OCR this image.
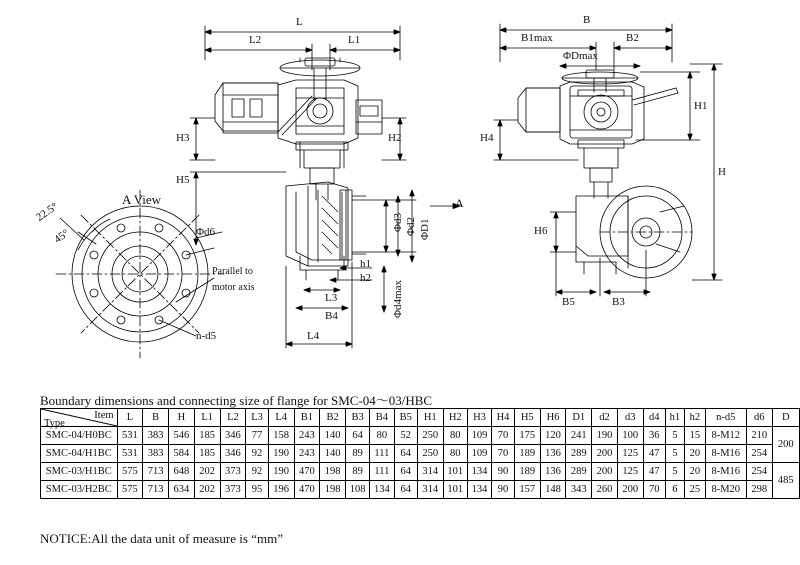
L
L2	L1
H3	H2
H5
Φd3 Φd2 ΦD1
h1
h2
Φd4max
L3
B4
L4
A
A View
22.5°
45°	Φd6
n-d5
Parallel to
motor axis
B
B1max	B2
ΦDmax
H1
H
H4
H6
B5	B3
Boundary dimensions and connecting size of flange for SMC-04～03/HBC
Item
Type	L	B	H	L1	L2	L3	L4	B1	B2	B3	B4	B5	H1	H2	H3	H4	H5	H6	D1	d2	d3	d4	h1	h2	n-d5	d6	D
SMC-04/H0BC	531	383	546	185	346	77	158	243	140	64	80	52	250	80	109	70	175	120	241	190	100	36	5	15	8-M12	210	200
SMC-04/H1BC	531	383	584	185	346	92	190	243	140	89	111	64	250	80	109	70	189	136	289	200	125	47	5	20	8-M16	254	
SMC-03/H1BC	575	713	648	202	373	92	190	470	198	89	111	64	314	101	134	90	189	136	289	200	125	47	5	20	8-M16	254	485
SMC-03/H2BC	575	713	634	202	373	95	196	470	198	108	134	64	314	101	134	90	157	148	343	260	200	70	6	25	8-M20	298	
NOTICE:All the data unit of measure is “mm”
